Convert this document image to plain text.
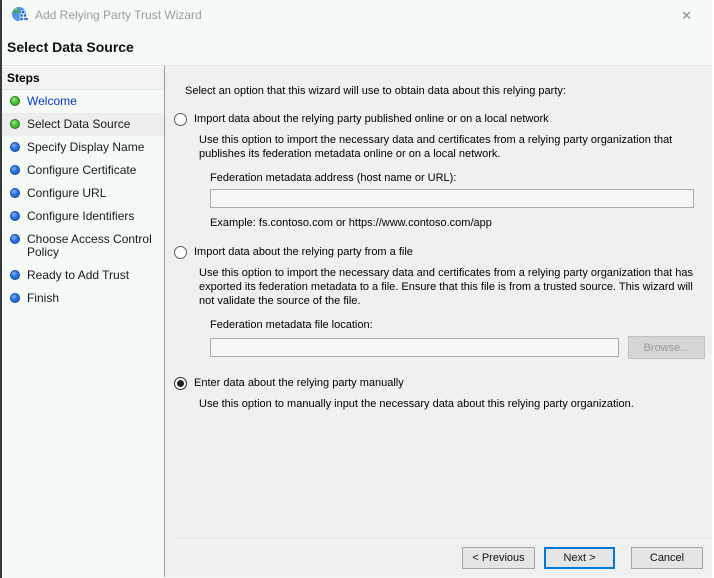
Add Relying Party Trust Wizard	✕
Select Data Source
Steps
Welcome
Select Data Source
Specify Display Name
Configure Certificate
Configure URL
Configure Identifiers
Choose Access Control Policy
Ready to Add Trust
Finish
Select an option that this wizard will use to obtain data about this relying party:
Import data about the relying party published online or on a local network
Use this option to import the necessary data and certificates from a relying party organization that publishes its federation metadata online or on a local network.
Federation metadata address (host name or URL):
Example: fs.contoso.com or https://www.contoso.com/app
Import data about the relying party from a file
Use this option to import the necessary data and certificates from a relying party organization that has exported its federation metadata to a file. Ensure that this file is from a trusted source. This wizard will not validate the source of the file.
Federation metadata file location:
Browse...
Enter data about the relying party manually
Use this option to manually input the necessary data about this relying party organization.
< Previous	Next >	Cancel
